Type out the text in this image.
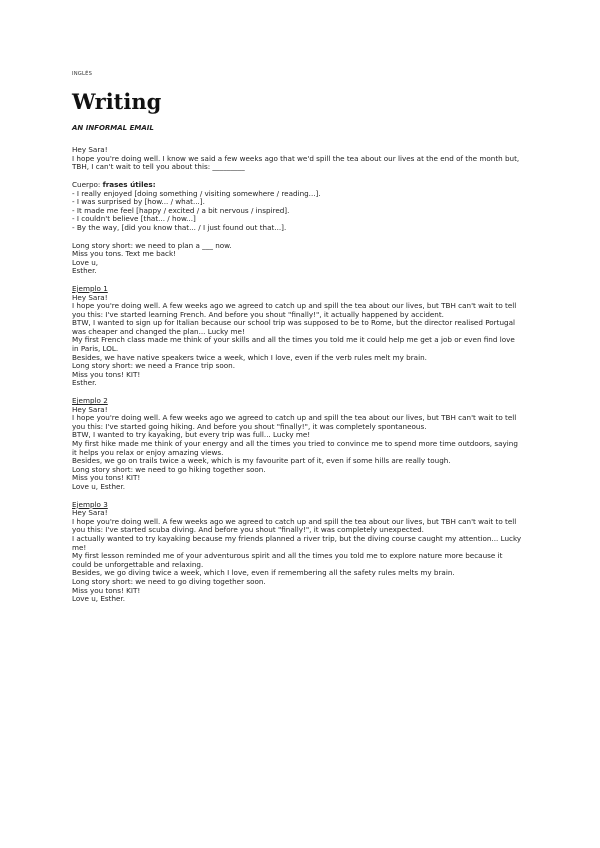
INGLÉS
Writing
AN INFORMAL EMAIL

Hey Sara!

I hope you're doing well. I know we said a few weeks ago that we'd spill the tea about our lives at the end of the month but, TBH, I can't wait to tell you about this: _________

Cuerpo: frases útiles:

- I really enjoyed [doing something / visiting somewhere / reading...].

- I was surprised by [how... / what...].

- It made me feel [happy / excited / a bit nervous / inspired].

- I couldn't believe [that... / how...]

- By the way, [did you know that... / I just found out that...].

Long story short: we need to plan a ___ now.

Miss you tons. Text me back!

Love u,

Esther.

Ejemplo 1

Hey Sara!

I hope you're doing well. A few weeks ago we agreed to catch up and spill the tea about our lives, but TBH can't wait to tell you this: I've started learning French. And before you shout "finally!", it actually happened by accident.

BTW, I wanted to sign up for Italian because our school trip was supposed to be to Rome, but the director realised Portugal was cheaper and changed the plan... Lucky me!

My first French class made me think of your skills and all the times you told me it could help me get a job or even find love in Paris, LOL.

Besides, we have native speakers twice a week, which I love, even if the verb rules melt my brain.

Long story short: we need a France trip soon.

Miss you tons! KIT!

Esther.

Ejemplo 2

Hey Sara!

I hope you're doing well. A few weeks ago we agreed to catch up and spill the tea about our lives, but TBH can't wait to tell you this: I've started going hiking. And before you shout "finally!", it was completely spontaneous.

BTW, I wanted to try kayaking, but every trip was full... Lucky me!

My first hike made me think of your energy and all the times you tried to convince me to spend more time outdoors, saying it helps you relax or enjoy amazing views.

Besides, we go on trails twice a week, which is my favourite part of it, even if some hills are really tough.

Long story short: we need to go hiking together soon.

Miss you tons! KIT!

Love u, Esther.

Ejemplo 3

Hey Sara!

I hope you're doing well. A few weeks ago we agreed to catch up and spill the tea about our lives, but TBH can't wait to tell you this: I've started scuba diving. And before you shout "finally!", it was completely unexpected.

I actually wanted to try kayaking because my friends planned a river trip, but the diving course caught my attention... Lucky me!

My first lesson reminded me of your adventurous spirit and all the times you told me to explore nature more because it could be unforgettable and relaxing.

Besides, we go diving twice a week, which I love, even if remembering all the safety rules melts my brain.

Long story short: we need to go diving together soon.

Miss you tons! KIT!

Love u, Esther.
